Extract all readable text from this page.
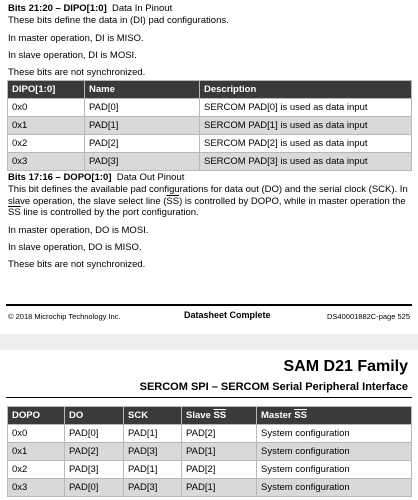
Bits 21:20 – DIPO[1:0] Data In Pinout
These bits define the data in (DI) pad configurations.
In master operation, DI is MISO.
In slave operation, DI is MOSI.
These bits are not synchronized.
DIPO[1:0]	Name	Description
0x0	PAD[0]	SERCOM PAD[0] is used as data input
0x1	PAD[1]	SERCOM PAD[1] is used as data input
0x2	PAD[2]	SERCOM PAD[2] is used as data input
0x3	PAD[3]	SERCOM PAD[3] is used as data input
Bits 17:16 – DOPO[1:0] Data Out Pinout
This bit defines the available pad configurations for data out (DO) and the serial clock (SCK). In slave operation, the slave select line $(\overline{SS})$ is controlled by DOPO, while in master operation the $\overline{SS}$ line is controlled by the port configuration.
In master operation, DO is MOSI.
In slave operation, DO is MISO.
These bits are not synchronized.
© 2018 Microchip Technology Inc.	Datasheet Complete	DS40001882C-page 525
SAM D21 Family
SERCOM SPI – SERCOM Serial Peripheral Interface
DOPO	DO	SCK	Slave $\overline{SS}$	Master $\overline{SS}$
0x0	PAD[0]	PAD[1]	PAD[2]	System configuration
0x1	PAD[2]	PAD[3]	PAD[1]	System configuration
0x2	PAD[3]	PAD[1]	PAD[2]	System configuration
0x3	PAD[0]	PAD[3]	PAD[1]	System configuration
